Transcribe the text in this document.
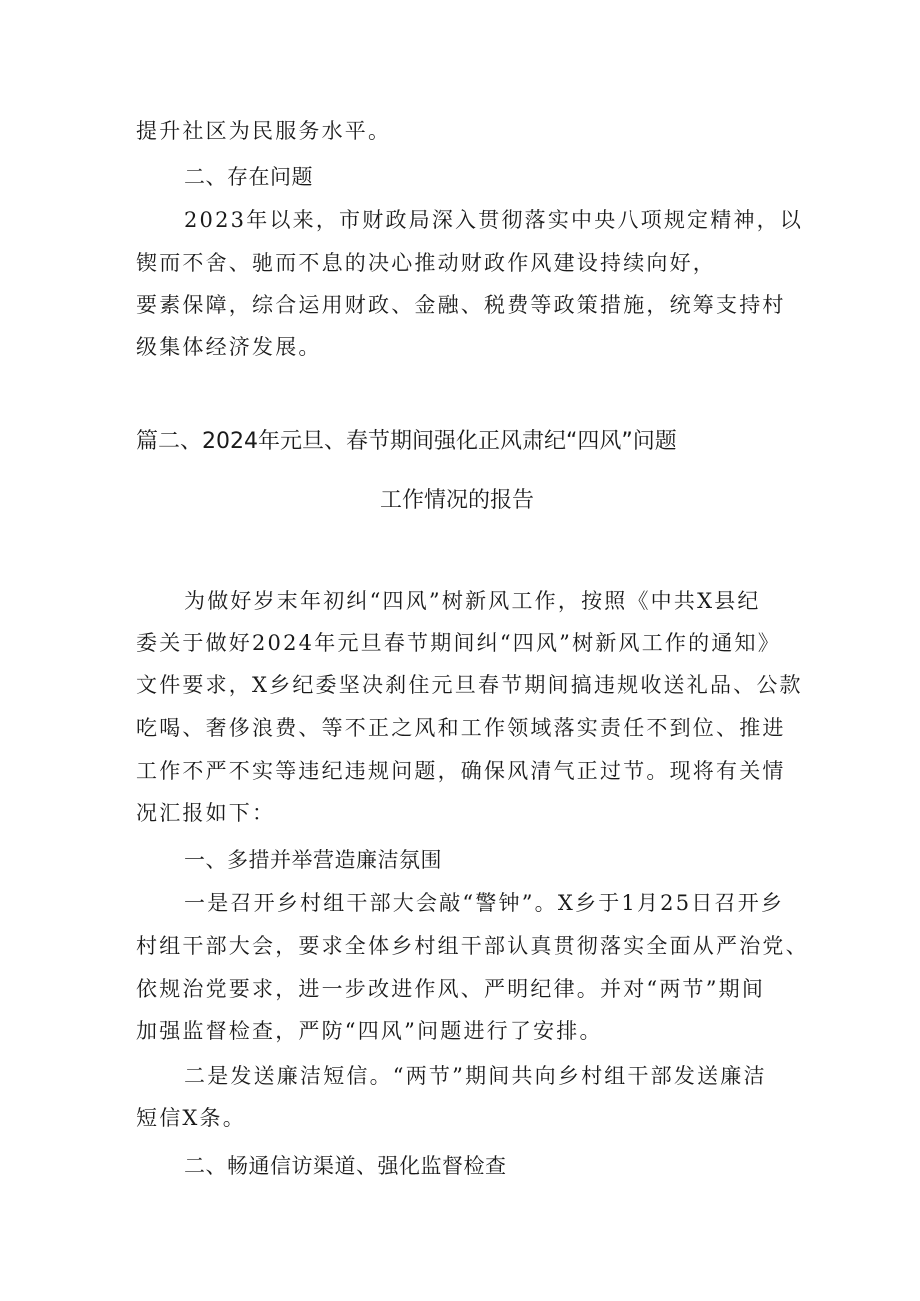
提升社区为民服务水平。
二、存在问题
2023年以来，市财政局深入贯彻落实中央八项规定精神，以
锲而不舍、驰而不息的决心推动财政作风建设持续向好，
要素保障，综合运用财政、金融、税费等政策措施，统筹支持村
级集体经济发展。
篇二、2024年元旦、春节期间强化正风肃纪“四风”问题
工作情况的报告
为做好岁末年初纠“四风”树新风工作，按照《中共X县纪
委关于做好2024年元旦春节期间纠“四风”树新风工作的通知》
文件要求，X乡纪委坚决刹住元旦春节期间搞违规收送礼品、公款
吃喝、奢侈浪费、等不正之风和工作领域落实责任不到位、推进
工作不严不实等违纪违规问题，确保风清气正过节。现将有关情
况汇报如下：
一、多措并举营造廉洁氛围
一是召开乡村组干部大会敲“警钟”。X乡于1月25日召开乡
村组干部大会，要求全体乡村组干部认真贯彻落实全面从严治党、
依规治党要求，进一步改进作风、严明纪律。并对“两节”期间
加强监督检查，严防“四风”问题进行了安排。
二是发送廉洁短信。“两节”期间共向乡村组干部发送廉洁
短信X条。
二、畅通信访渠道、强化监督检查
